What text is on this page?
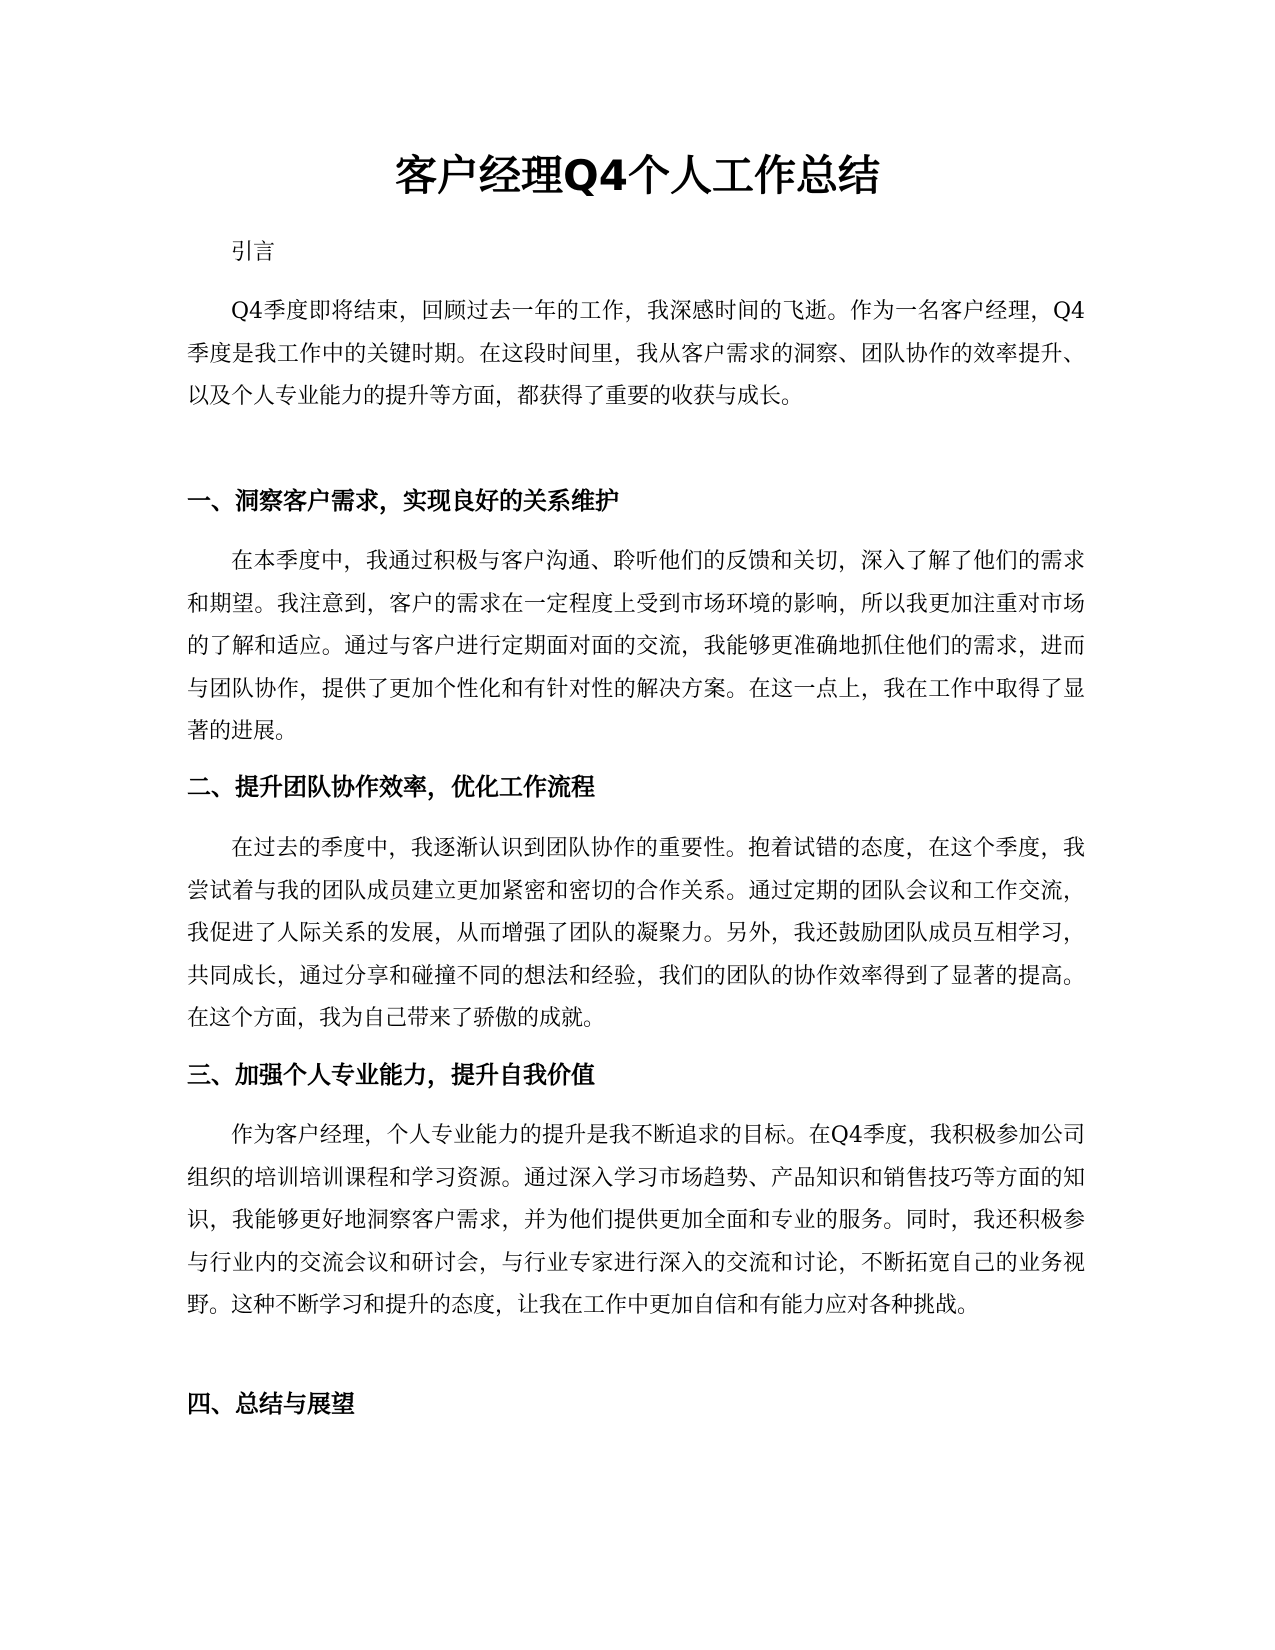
客户经理Q4个人工作总结

引言

Q4季度即将结束，回顾过去一年的工作，我深感时间的飞逝。作为一名客户经理，Q4季度是我工作中的关键时期。在这段时间里，我从客户需求的洞察、团队协作的效率提升、以及个人专业能力的提升等方面，都获得了重要的收获与成长。

一、洞察客户需求，实现良好的关系维护

在本季度中，我通过积极与客户沟通、聆听他们的反馈和关切，深入了解了他们的需求和期望。我注意到，客户的需求在一定程度上受到市场环境的影响，所以我更加注重对市场的了解和适应。通过与客户进行定期面对面的交流，我能够更准确地抓住他们的需求，进而与团队协作，提供了更加个性化和有针对性的解决方案。在这一点上，我在工作中取得了显著的进展。

二、提升团队协作效率，优化工作流程

在过去的季度中，我逐渐认识到团队协作的重要性。抱着试错的态度，在这个季度，我尝试着与我的团队成员建立更加紧密和密切的合作关系。通过定期的团队会议和工作交流，我促进了人际关系的发展，从而增强了团队的凝聚力。另外，我还鼓励团队成员互相学习，共同成长，通过分享和碰撞不同的想法和经验，我们的团队的协作效率得到了显著的提高。在这个方面，我为自己带来了骄傲的成就。

三、加强个人专业能力，提升自我价值

作为客户经理，个人专业能力的提升是我不断追求的目标。在Q4季度，我积极参加公司组织的培训培训课程和学习资源。通过深入学习市场趋势、产品知识和销售技巧等方面的知识，我能够更好地洞察客户需求，并为他们提供更加全面和专业的服务。同时，我还积极参与行业内的交流会议和研讨会，与行业专家进行深入的交流和讨论，不断拓宽自己的业务视野。这种不断学习和提升的态度，让我在工作中更加自信和有能力应对各种挑战。

四、总结与展望
